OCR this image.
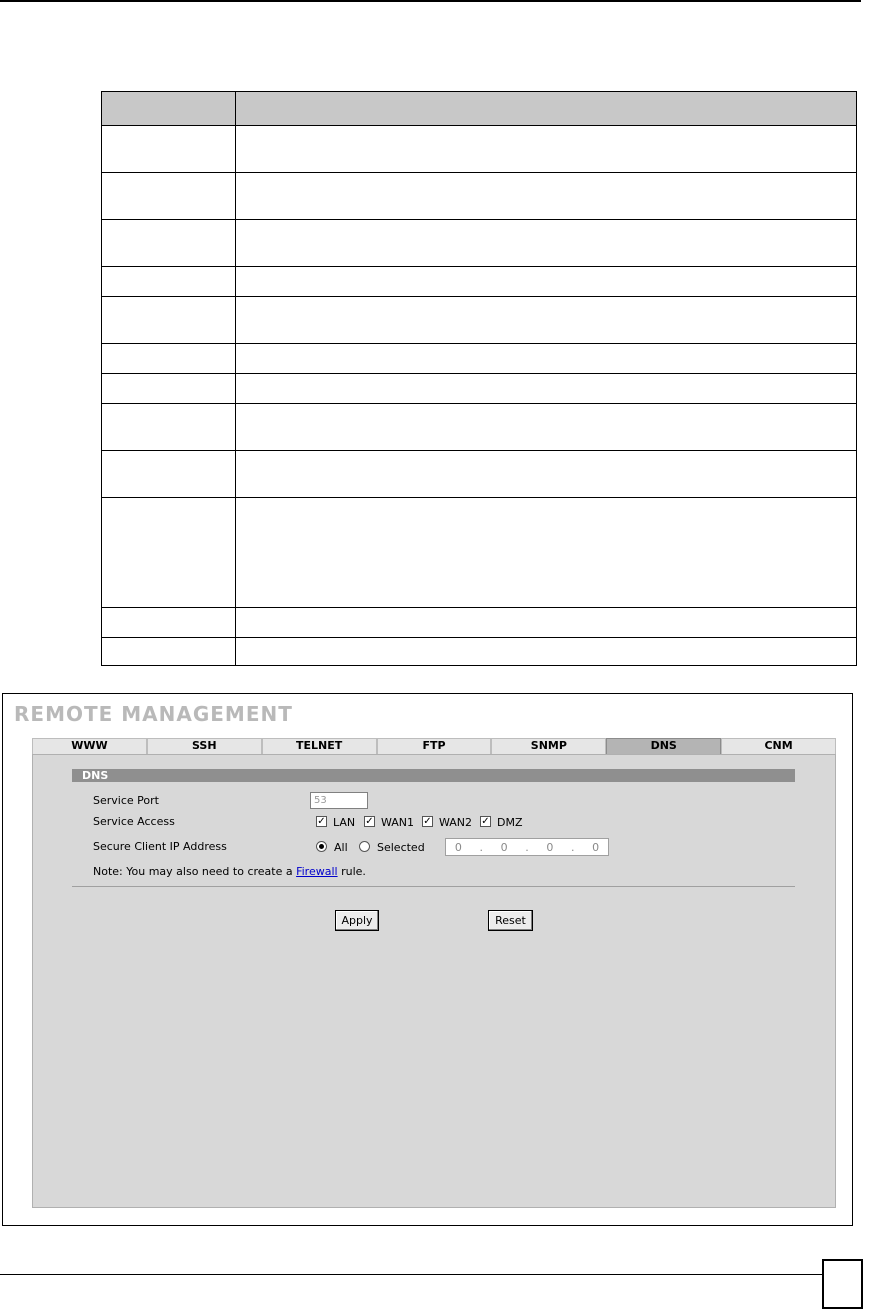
REMOTE MANAGEMENT
WWW	SSH	TELNET	FTP	SNMP	DNS	CNM
DNS
Service Port	53
Service Access	✓ LAN ✓ WAN1 ✓ WAN2 ✓ DMZ
Secure Client IP Address	All	Selected	0 . 0 . 0 . 0
Note: You may also need to create a Firewall rule.
Apply	Reset
